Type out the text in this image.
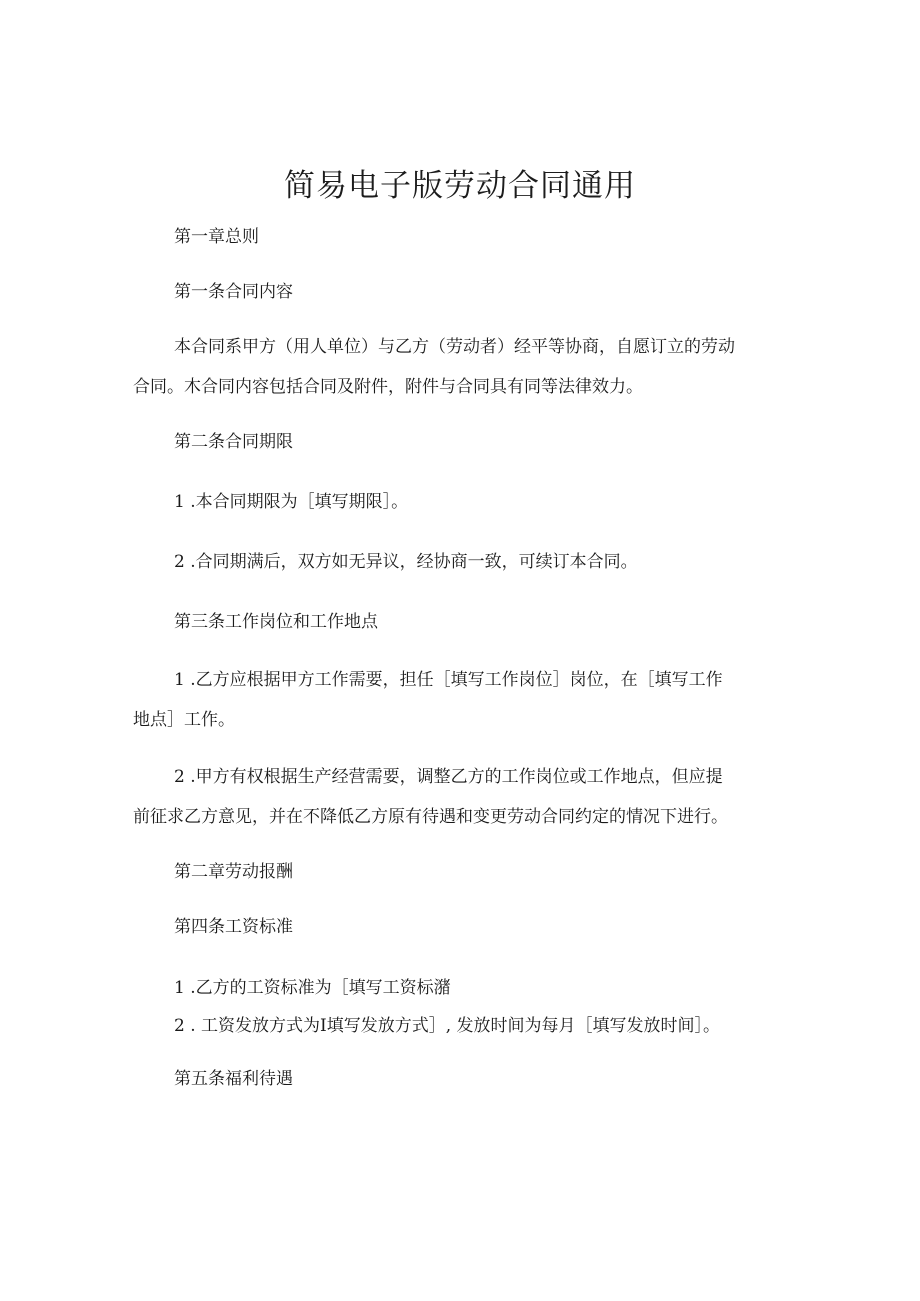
简易电子版劳动合同通用
第一章总则
第一条合同内容
本合同系甲方（用人单位）与乙方（劳动者）经平等协商，自愿订立的劳动
合同。木合同内容包括合同及附件，附件与合同具有同等法律效力。
第二条合同期限
1 .本合同期限为［填写期限］。
2 .合同期满后，双方如无异议，经协商一致，可续订本合同。
第三条工作岗位和工作地点
1 .乙方应根据甲方工作需要，担任［填写工作岗位］岗位，在［填写工作
地点］工作。
2 .甲方有权根据生产经营需要，调整乙方的工作岗位或工作地点，但应提
前征求乙方意见，并在不降低乙方原有待遇和变更劳动合同约定的情况下进行。
第二章劳动报酬
第四条工资标准
1 .乙方的工资标准为［填写工资标潴
2 . 工资发放方式为I填写发放方式］, 发放时间为每月［填写发放时间］。
第五条福利待遇
